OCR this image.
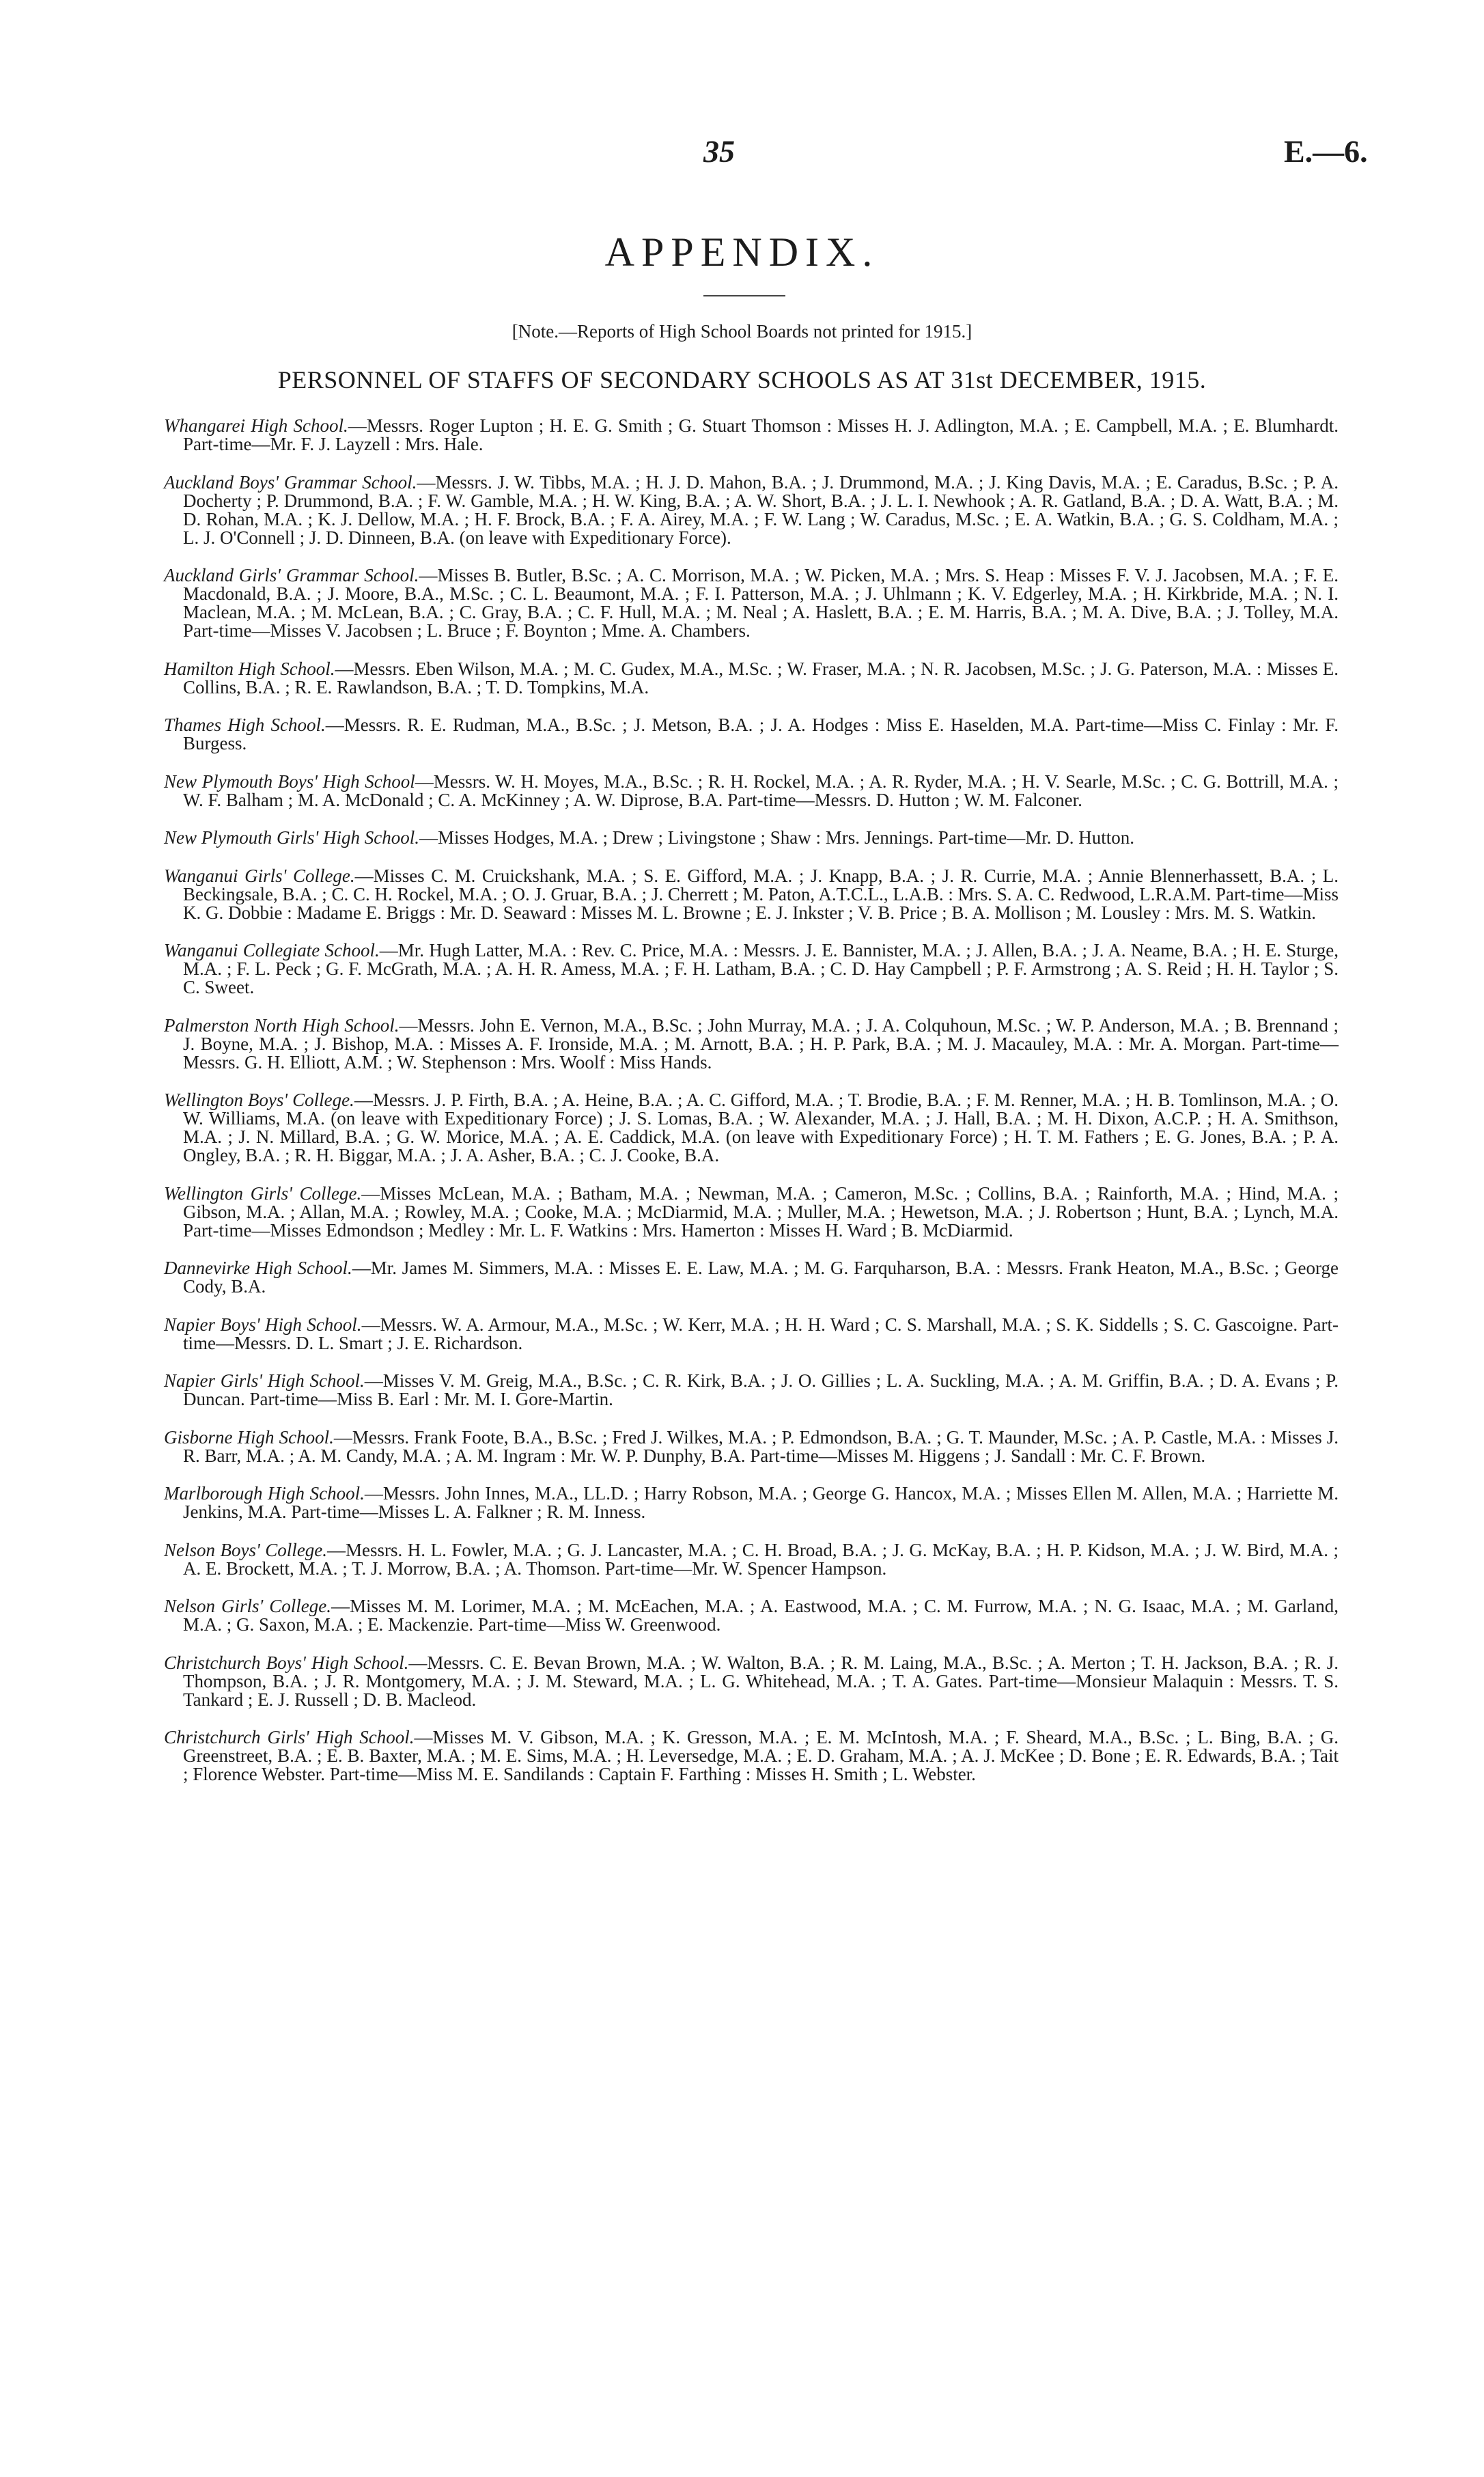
35	E.—6.
APPENDIX.
[Note.—Reports of High School Boards not printed for 1915.]
PERSONNEL OF STAFFS OF SECONDARY SCHOOLS AS AT 31st DECEMBER, 1915.

Whangarei High School.—Messrs. Roger Lupton ; H. E. G. Smith ; G. Stuart Thomson : Misses H. J. Adlington, M.A. ; E. Campbell, M.A. ; E. Blumhardt. Part-time—Mr. F. J. Layzell : Mrs. Hale.

Auckland Boys' Grammar School.—Messrs. J. W. Tibbs, M.A. ; H. J. D. Mahon, B.A. ; J. Drummond, M.A. ; J. King Davis, M.A. ; E. Caradus, B.Sc. ; P. A. Docherty ; P. Drummond, B.A. ; F. W. Gamble, M.A. ; H. W. King, B.A. ; A. W. Short, B.A. ; J. L. I. Newhook ; A. R. Gatland, B.A. ; D. A. Watt, B.A. ; M. D. Rohan, M.A. ; K. J. Dellow, M.A. ; H. F. Brock, B.A. ; F. A. Airey, M.A. ; F. W. Lang ; W. Caradus, M.Sc. ; E. A. Watkin, B.A. ; G. S. Coldham, M.A. ; L. J. O'Connell ; J. D. Dinneen, B.A. (on leave with Expeditionary Force).

Auckland Girls' Grammar School.—Misses B. Butler, B.Sc. ; A. C. Morrison, M.A. ; W. Picken, M.A. ; Mrs. S. Heap : Misses F. V. J. Jacobsen, M.A. ; F. E. Macdonald, B.A. ; J. Moore, B.A., M.Sc. ; C. L. Beaumont, M.A. ; F. I. Patterson, M.A. ; J. Uhlmann ; K. V. Edgerley, M.A. ; H. Kirkbride, M.A. ; N. I. Maclean, M.A. ; M. McLean, B.A. ; C. Gray, B.A. ; C. F. Hull, M.A. ; M. Neal ; A. Haslett, B.A. ; E. M. Harris, B.A. ; M. A. Dive, B.A. ; J. Tolley, M.A. Part-time—Misses V. Jacobsen ; L. Bruce ; F. Boynton ; Mme. A. Chambers.

Hamilton High School.—Messrs. Eben Wilson, M.A. ; M. C. Gudex, M.A., M.Sc. ; W. Fraser, M.A. ; N. R. Jacobsen, M.Sc. ; J. G. Paterson, M.A. : Misses E. Collins, B.A. ; R. E. Rawlandson, B.A. ; T. D. Tompkins, M.A.

Thames High School.—Messrs. R. E. Rudman, M.A., B.Sc. ; J. Metson, B.A. ; J. A. Hodges : Miss E. Haselden, M.A. Part-time—Miss C. Finlay : Mr. F. Burgess.

New Plymouth Boys' High School—Messrs. W. H. Moyes, M.A., B.Sc. ; R. H. Rockel, M.A. ; A. R. Ryder, M.A. ; H. V. Searle, M.Sc. ; C. G. Bottrill, M.A. ; W. F. Balham ; M. A. McDonald ; C. A. McKinney ; A. W. Diprose, B.A. Part-time—Messrs. D. Hutton ; W. M. Falconer.

New Plymouth Girls' High School.—Misses Hodges, M.A. ; Drew ; Livingstone ; Shaw : Mrs. Jennings. Part-time—Mr. D. Hutton.

Wanganui Girls' College.—Misses C. M. Cruickshank, M.A. ; S. E. Gifford, M.A. ; J. Knapp, B.A. ; J. R. Currie, M.A. ; Annie Blennerhassett, B.A. ; L. Beckingsale, B.A. ; C. C. H. Rockel, M.A. ; O. J. Gruar, B.A. ; J. Cherrett ; M. Paton, A.T.C.L., L.A.B. : Mrs. S. A. C. Redwood, L.R.A.M. Part-time—Miss K. G. Dobbie : Madame E. Briggs : Mr. D. Seaward : Misses M. L. Browne ; E. J. Inkster ; V. B. Price ; B. A. Mollison ; M. Lousley : Mrs. M. S. Watkin.

Wanganui Collegiate School.—Mr. Hugh Latter, M.A. : Rev. C. Price, M.A. : Messrs. J. E. Bannister, M.A. ; J. Allen, B.A. ; J. A. Neame, B.A. ; H. E. Sturge, M.A. ; F. L. Peck ; G. F. McGrath, M.A. ; A. H. R. Amess, M.A. ; F. H. Latham, B.A. ; C. D. Hay Campbell ; P. F. Armstrong ; A. S. Reid ; H. H. Taylor ; S. C. Sweet.

Palmerston North High School.—Messrs. John E. Vernon, M.A., B.Sc. ; John Murray, M.A. ; J. A. Colquhoun, M.Sc. ; W. P. Anderson, M.A. ; B. Brennand ; J. Boyne, M.A. ; J. Bishop, M.A. : Misses A. F. Ironside, M.A. ; M. Arnott, B.A. ; H. P. Park, B.A. ; M. J. Macauley, M.A. : Mr. A. Morgan. Part-time—Messrs. G. H. Elliott, A.M. ; W. Stephenson : Mrs. Woolf : Miss Hands.

Wellington Boys' College.—Messrs. J. P. Firth, B.A. ; A. Heine, B.A. ; A. C. Gifford, M.A. ; T. Brodie, B.A. ; F. M. Renner, M.A. ; H. B. Tomlinson, M.A. ; O. W. Williams, M.A. (on leave with Expeditionary Force) ; J. S. Lomas, B.A. ; W. Alexander, M.A. ; J. Hall, B.A. ; M. H. Dixon, A.C.P. ; H. A. Smithson, M.A. ; J. N. Millard, B.A. ; G. W. Morice, M.A. ; A. E. Caddick, M.A. (on leave with Expeditionary Force) ; H. T. M. Fathers ; E. G. Jones, B.A. ; P. A. Ongley, B.A. ; R. H. Biggar, M.A. ; J. A. Asher, B.A. ; C. J. Cooke, B.A.

Wellington Girls' College.—Misses McLean, M.A. ; Batham, M.A. ; Newman, M.A. ; Cameron, M.Sc. ; Collins, B.A. ; Rainforth, M.A. ; Hind, M.A. ; Gibson, M.A. ; Allan, M.A. ; Rowley, M.A. ; Cooke, M.A. ; McDiarmid, M.A. ; Muller, M.A. ; Hewetson, M.A. ; J. Robertson ; Hunt, B.A. ; Lynch, M.A. Part-time—Misses Edmondson ; Medley : Mr. L. F. Watkins : Mrs. Hamerton : Misses H. Ward ; B. McDiarmid.

Dannevirke High School.—Mr. James M. Simmers, M.A. : Misses E. E. Law, M.A. ; M. G. Farquharson, B.A. : Messrs. Frank Heaton, M.A., B.Sc. ; George Cody, B.A.

Napier Boys' High School.—Messrs. W. A. Armour, M.A., M.Sc. ; W. Kerr, M.A. ; H. H. Ward ; C. S. Marshall, M.A. ; S. K. Siddells ; S. C. Gascoigne. Part-time—Messrs. D. L. Smart ; J. E. Richardson.

Napier Girls' High School.—Misses V. M. Greig, M.A., B.Sc. ; C. R. Kirk, B.A. ; J. O. Gillies ; L. A. Suckling, M.A. ; A. M. Griffin, B.A. ; D. A. Evans ; P. Duncan. Part-time—Miss B. Earl : Mr. M. I. Gore-Martin.

Gisborne High School.—Messrs. Frank Foote, B.A., B.Sc. ; Fred J. Wilkes, M.A. ; P. Edmondson, B.A. ; G. T. Maunder, M.Sc. ; A. P. Castle, M.A. : Misses J. R. Barr, M.A. ; A. M. Candy, M.A. ; A. M. Ingram : Mr. W. P. Dunphy, B.A. Part-time—Misses M. Higgens ; J. Sandall : Mr. C. F. Brown.

Marlborough High School.—Messrs. John Innes, M.A., LL.D. ; Harry Robson, M.A. ; George G. Hancox, M.A. ; Misses Ellen M. Allen, M.A. ; Harriette M. Jenkins, M.A. Part-time—Misses L. A. Falkner ; R. M. Inness.

Nelson Boys' College.—Messrs. H. L. Fowler, M.A. ; G. J. Lancaster, M.A. ; C. H. Broad, B.A. ; J. G. McKay, B.A. ; H. P. Kidson, M.A. ; J. W. Bird, M.A. ; A. E. Brockett, M.A. ; T. J. Morrow, B.A. ; A. Thomson. Part-time—Mr. W. Spencer Hampson.

Nelson Girls' College.—Misses M. M. Lorimer, M.A. ; M. McEachen, M.A. ; A. Eastwood, M.A. ; C. M. Furrow, M.A. ; N. G. Isaac, M.A. ; M. Garland, M.A. ; G. Saxon, M.A. ; E. Mackenzie. Part-time—Miss W. Greenwood.

Christchurch Boys' High School.—Messrs. C. E. Bevan Brown, M.A. ; W. Walton, B.A. ; R. M. Laing, M.A., B.Sc. ; A. Merton ; T. H. Jackson, B.A. ; R. J. Thompson, B.A. ; J. R. Montgomery, M.A. ; J. M. Steward, M.A. ; L. G. Whitehead, M.A. ; T. A. Gates. Part-time—Monsieur Malaquin : Messrs. T. S. Tankard ; E. J. Russell ; D. B. Macleod.

Christchurch Girls' High School.—Misses M. V. Gibson, M.A. ; K. Gresson, M.A. ; E. M. McIntosh, M.A. ; F. Sheard, M.A., B.Sc. ; L. Bing, B.A. ; G. Greenstreet, B.A. ; E. B. Baxter, M.A. ; M. E. Sims, M.A. ; H. Leversedge, M.A. ; E. D. Graham, M.A. ; A. J. McKee ; D. Bone ; E. R. Edwards, B.A. ; Tait ; Florence Webster. Part-time—Miss M. E. Sandilands : Captain F. Farthing : Misses H. Smith ; L. Webster.
